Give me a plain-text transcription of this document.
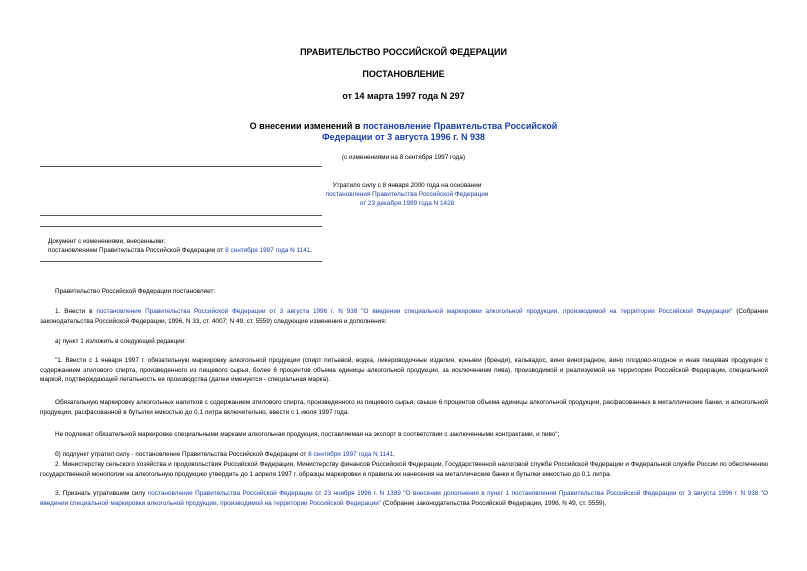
ПРАВИТЕЛЬСТВО РОССИЙСКОЙ ФЕДЕРАЦИИ
ПОСТАНОВЛЕНИЕ
от 14 марта 1997 года N 297
О внесении изменений в постановление Правительства Российской
Федерации от 3 августа 1996 г. N 938
(с изменениями на 8 сентября 1997 года)
Утратило силу с 8 января 2000 года на основании
постановления Правительства Российской Федерации
от 23 декабря 1999 года N 1428
Документ с изменениями, внесенными:
постановлением Правительства Российской Федерации от 8 сентября 1997 года N 1141.
Правительство Российской Федерации постановляет:
1. Внести в постановление Правительства Российской Федерации от 3 августа 1996 г. N 938 "О введении специальной маркировки алкогольной продукции, производимой на территории Российской Федерации" (Собрание законодательства Российской Федерации, 1996, N 33, ст. 4007; N 49, ст. 5559) следующие изменения и дополнения:
а) пункт 1 изложить в следующей редакции:
"1. Ввести с 1 января 1997 г. обязательную маркировку алкогольной продукции (спирт питьевой, водка, ликероводочные изделия, коньяки (бренди), кальвадос, вино виноградное, вино плодово-ягодное и иная пищевая продукция с содержанием этилового спирта, произведенного из пищевого сырья, более 6 процентов объема единицы алкогольной продукции, за исключением пива), производимой и реализуемой на территории Российской Федерации, специальной маркой, подтверждающей легальность ее производства (далее именуется - специальная марка).
Обязательную маркировку алкогольных напитков с содержанием этилового спирта, произведенного из пищевого сырья, свыше 6 процентов объема единицы алкогольной продукции, расфасованных в металлические банки, и алкогольной продукции, расфасованной в бутылки емкостью до 0,1 литра включительно, ввести с 1 июля 1997 года.
Не подлежат обязательной маркировке специальными марками алкогольная продукция, поставляемая на экспорт в соответствии с заключенными контрактами, и пиво";
б) подпункт утратил силу - постановление Правительства Российской Федерации от 8 сентября 1997 года N 1141.
2. Министерству сельского хозяйства и продовольствия Российской Федерации, Министерству финансов Российской Федерации, Государственной налоговой службе Российской Федерации и Федеральной службе России по обеспечению государственной монополии на алкогольную продукцию утвердить до 1 апреля 1997 г. образцы маркировки и правила их нанесения на металлические банки и бутылки емкостью до 0,1 литра.
3. Признать утратившим силу постановление Правительства Российской Федерации от 23 ноября 1996 г. N 1389 "О внесении дополнения в пункт 1 постановления Правительства Российской Федерации от 3 августа 1996 г. N 938 "О введении специальной маркировки алкогольной продукции, производимой на территории Российской Федерации" (Собрание законодательства Российской Федерации, 1996, N 49, ст. 5559).
